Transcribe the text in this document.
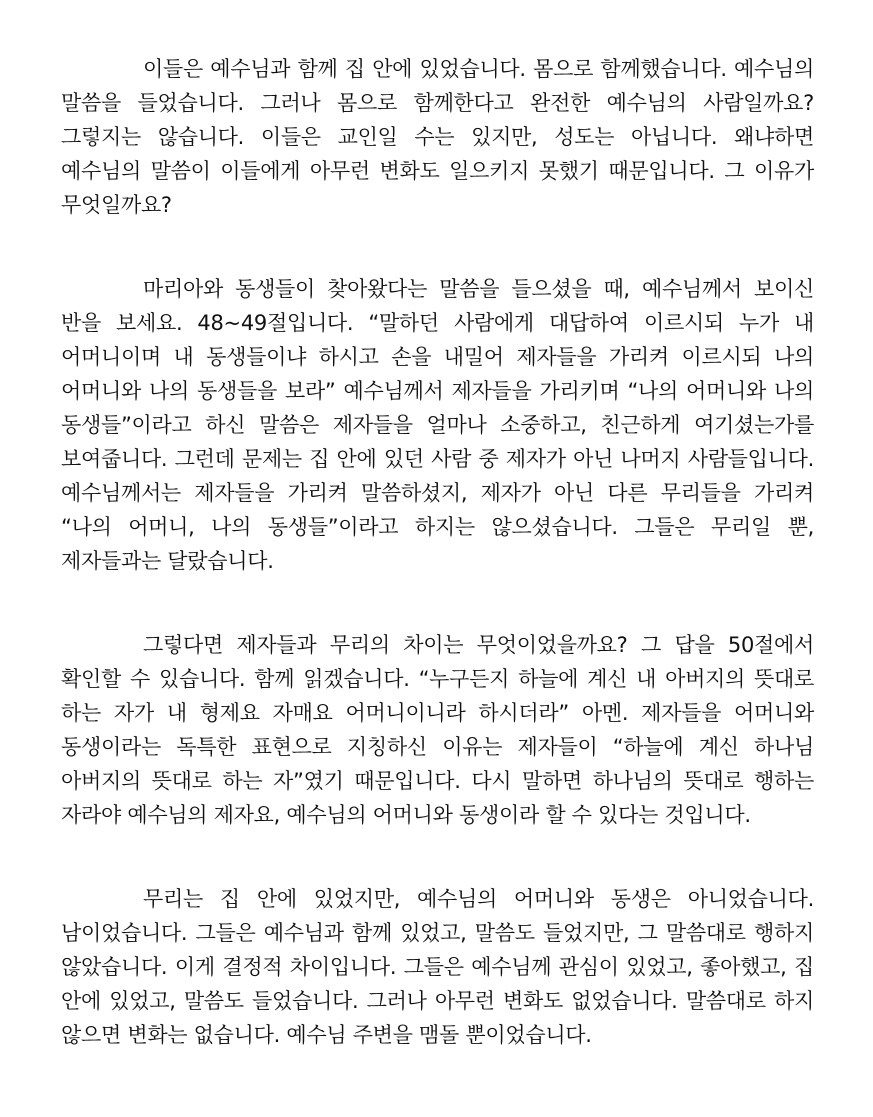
이들은 예수님과 함께 집 안에 있었습니다. 몸으로 함께했습니다. 예수님의 말씀을 들었습니다. 그러나 몸으로 함께한다고 완전한 예수님의 사람일까요? 그렇지는 않습니다. 이들은 교인일 수는 있지만, 성도는 아닙니다. 왜냐하면 예수님의 말씀이 이들에게 아무런 변화도 일으키지 못했기 때문입니다. 그 이유가 무엇일까요?

마리아와 동생들이 찾아왔다는 말씀을 들으셨을 때, 예수님께서 보이신 반을 보세요. 48~49절입니다. “말하던 사람에게 대답하여 이르시되 누가 내 어머니이며 내 동생들이냐 하시고 손을 내밀어 제자들을 가리켜 이르시되 나의 어머니와 나의 동생들을 보라” 예수님께서 제자들을 가리키며 “나의 어머니와 나의 동생들”이라고 하신 말씀은 제자들을 얼마나 소중하고, 친근하게 여기셨는가를 보여줍니다. 그런데 문제는 집 안에 있던 사람 중 제자가 아닌 나머지 사람들입니다. 예수님께서는 제자들을 가리켜 말씀하셨지, 제자가 아닌 다른 무리들을 가리켜 “나의 어머니, 나의 동생들”이라고 하지는 않으셨습니다. 그들은 무리일 뿐, 제자들과는 달랐습니다.

그렇다면 제자들과 무리의 차이는 무엇이었을까요? 그 답을 50절에서 확인할 수 있습니다. 함께 읽겠습니다. “누구든지 하늘에 계신 내 아버지의 뜻대로 하는 자가 내 형제요 자매요 어머니이니라 하시더라” 아멘. 제자들을 어머니와 동생이라는 독특한 표현으로 지칭하신 이유는 제자들이 “하늘에 계신 하나님 아버지의 뜻대로 하는 자”였기 때문입니다. 다시 말하면 하나님의 뜻대로 행하는 자라야 예수님의 제자요, 예수님의 어머니와 동생이라 할 수 있다는 것입니다.

무리는 집 안에 있었지만, 예수님의 어머니와 동생은 아니었습니다. 남이었습니다. 그들은 예수님과 함께 있었고, 말씀도 들었지만, 그 말씀대로 행하지 않았습니다. 이게 결정적 차이입니다. 그들은 예수님께 관심이 있었고, 좋아했고, 집 안에 있었고, 말씀도 들었습니다. 그러나 아무런 변화도 없었습니다. 말씀대로 하지 않으면 변화는 없습니다. 예수님 주변을 맴돌 뿐이었습니다.
